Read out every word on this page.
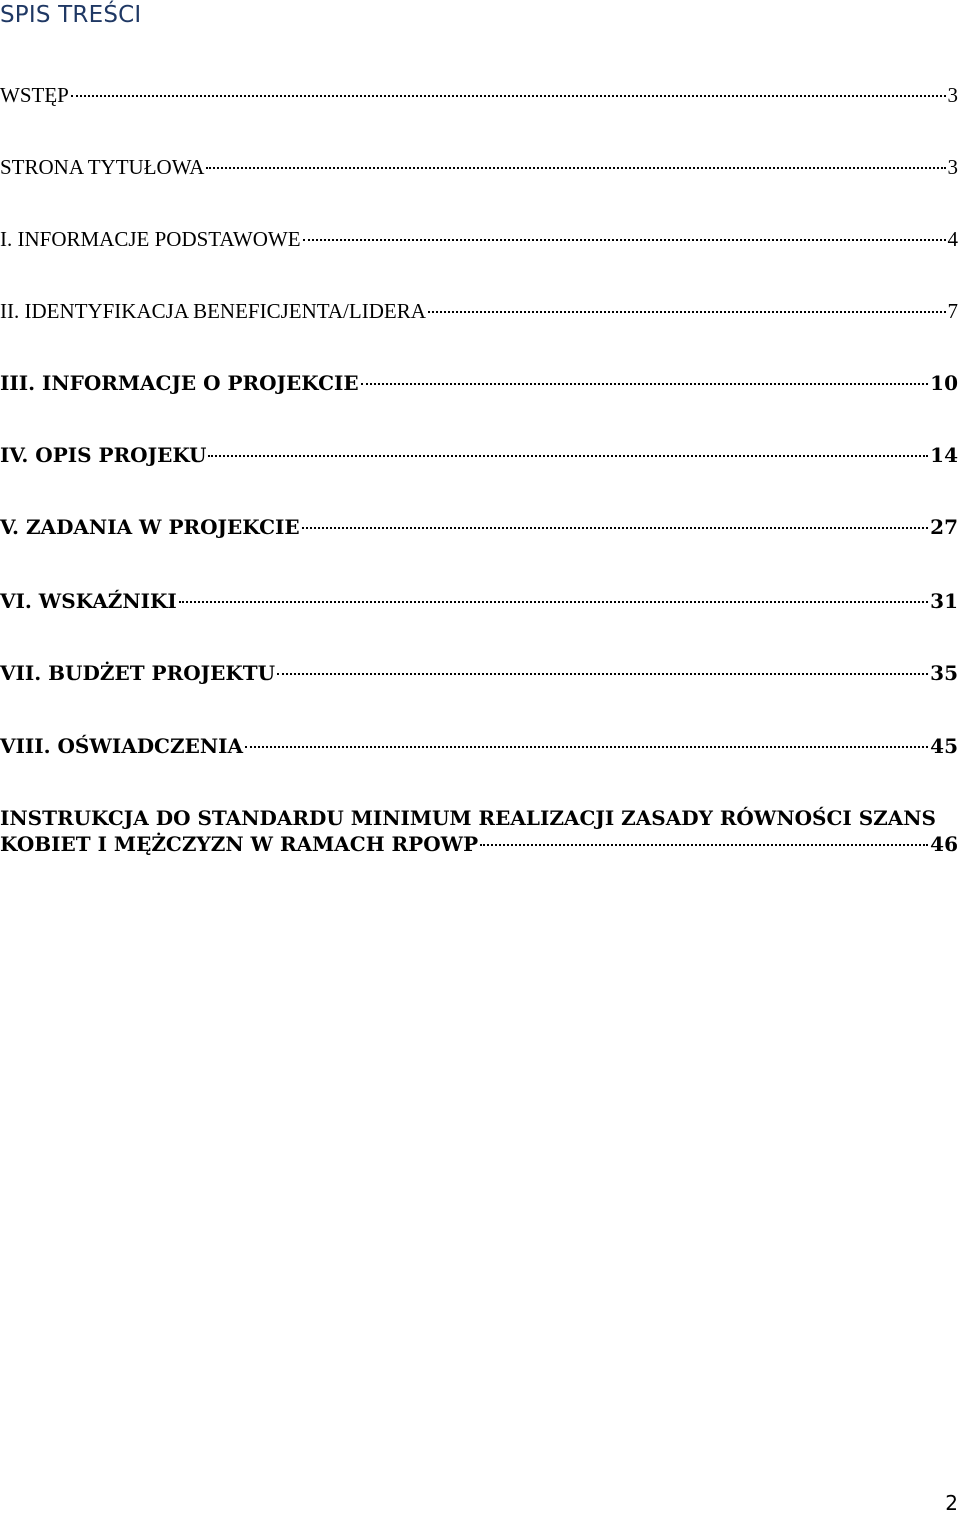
SPIS TREŚCI
WSTĘP	3
STRONA TYTUŁOWA	3
I. INFORMACJE PODSTAWOWE	4
II. IDENTYFIKACJA BENEFICJENTA/LIDERA	7
III. INFORMACJE O PROJEKCIE	10
IV. OPIS PROJEKU	14
V. ZADANIA W PROJEKCIE	27
VI. WSKAŹNIKI	31
VII. BUDŻET PROJEKTU	35
VIII. OŚWIADCZENIA	45
INSTRUKCJA DO STANDARDU MINIMUM REALIZACJI ZASADY RÓWNOŚCI SZANS
KOBIET I MĘŻCZYZN W RAMACH RPOWP	46
2
